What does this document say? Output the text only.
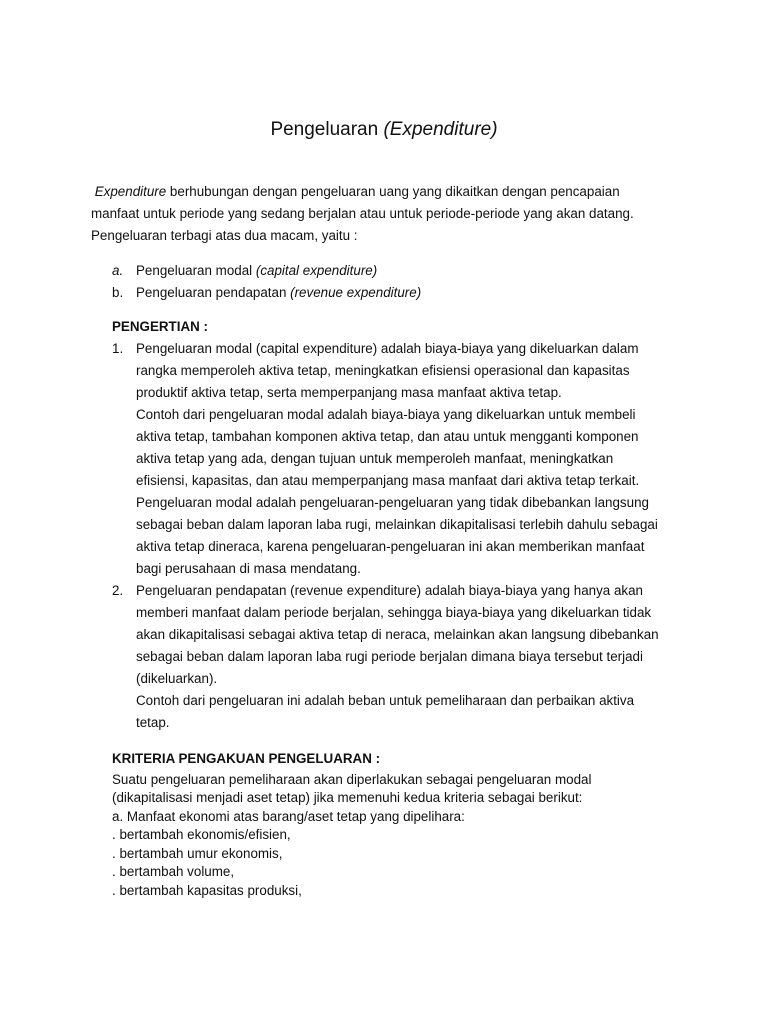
Pengeluaran (Expenditure)
Expenditure berhubungan dengan pengeluaran uang yang dikaitkan dengan pencapaian
manfaat untuk periode yang sedang berjalan atau untuk periode-periode yang akan datang.
Pengeluaran terbagi atas dua macam, yaitu :
a. Pengeluaran modal (capital expenditure)
b. Pengeluaran pendapatan (revenue expenditure)
PENGERTIAN :
1. Pengeluaran modal (capital expenditure) adalah biaya-biaya yang dikeluarkan dalam
rangka memperoleh aktiva tetap, meningkatkan efisiensi operasional dan kapasitas
produktif aktiva tetap, serta memperpanjang masa manfaat aktiva tetap.
Contoh dari pengeluaran modal adalah biaya-biaya yang dikeluarkan untuk membeli
aktiva tetap, tambahan komponen aktiva tetap, dan atau untuk mengganti komponen
aktiva tetap yang ada, dengan tujuan untuk memperoleh manfaat, meningkatkan
efisiensi, kapasitas, dan atau memperpanjang masa manfaat dari aktiva tetap terkait.
Pengeluaran modal adalah pengeluaran-pengeluaran yang tidak dibebankan langsung
sebagai beban dalam laporan laba rugi, melainkan dikapitalisasi terlebih dahulu sebagai
aktiva tetap dineraca, karena pengeluaran-pengeluaran ini akan memberikan manfaat
bagi perusahaan di masa mendatang.
2. Pengeluaran pendapatan (revenue expenditure) adalah biaya-biaya yang hanya akan
memberi manfaat dalam periode berjalan, sehingga biaya-biaya yang dikeluarkan tidak
akan dikapitalisasi sebagai aktiva tetap di neraca, melainkan akan langsung dibebankan
sebagai beban dalam laporan laba rugi periode berjalan dimana biaya tersebut terjadi
(dikeluarkan).
Contoh dari pengeluaran ini adalah beban untuk pemeliharaan dan perbaikan aktiva
tetap.
KRITERIA PENGAKUAN PENGELUARAN :
Suatu pengeluaran pemeliharaan akan diperlakukan sebagai pengeluaran modal
(dikapitalisasi menjadi aset tetap) jika memenuhi kedua kriteria sebagai berikut:
a. Manfaat ekonomi atas barang/aset tetap yang dipelihara:
. bertambah ekonomis/efisien,
. bertambah umur ekonomis,
. bertambah volume,
. bertambah kapasitas produksi,
